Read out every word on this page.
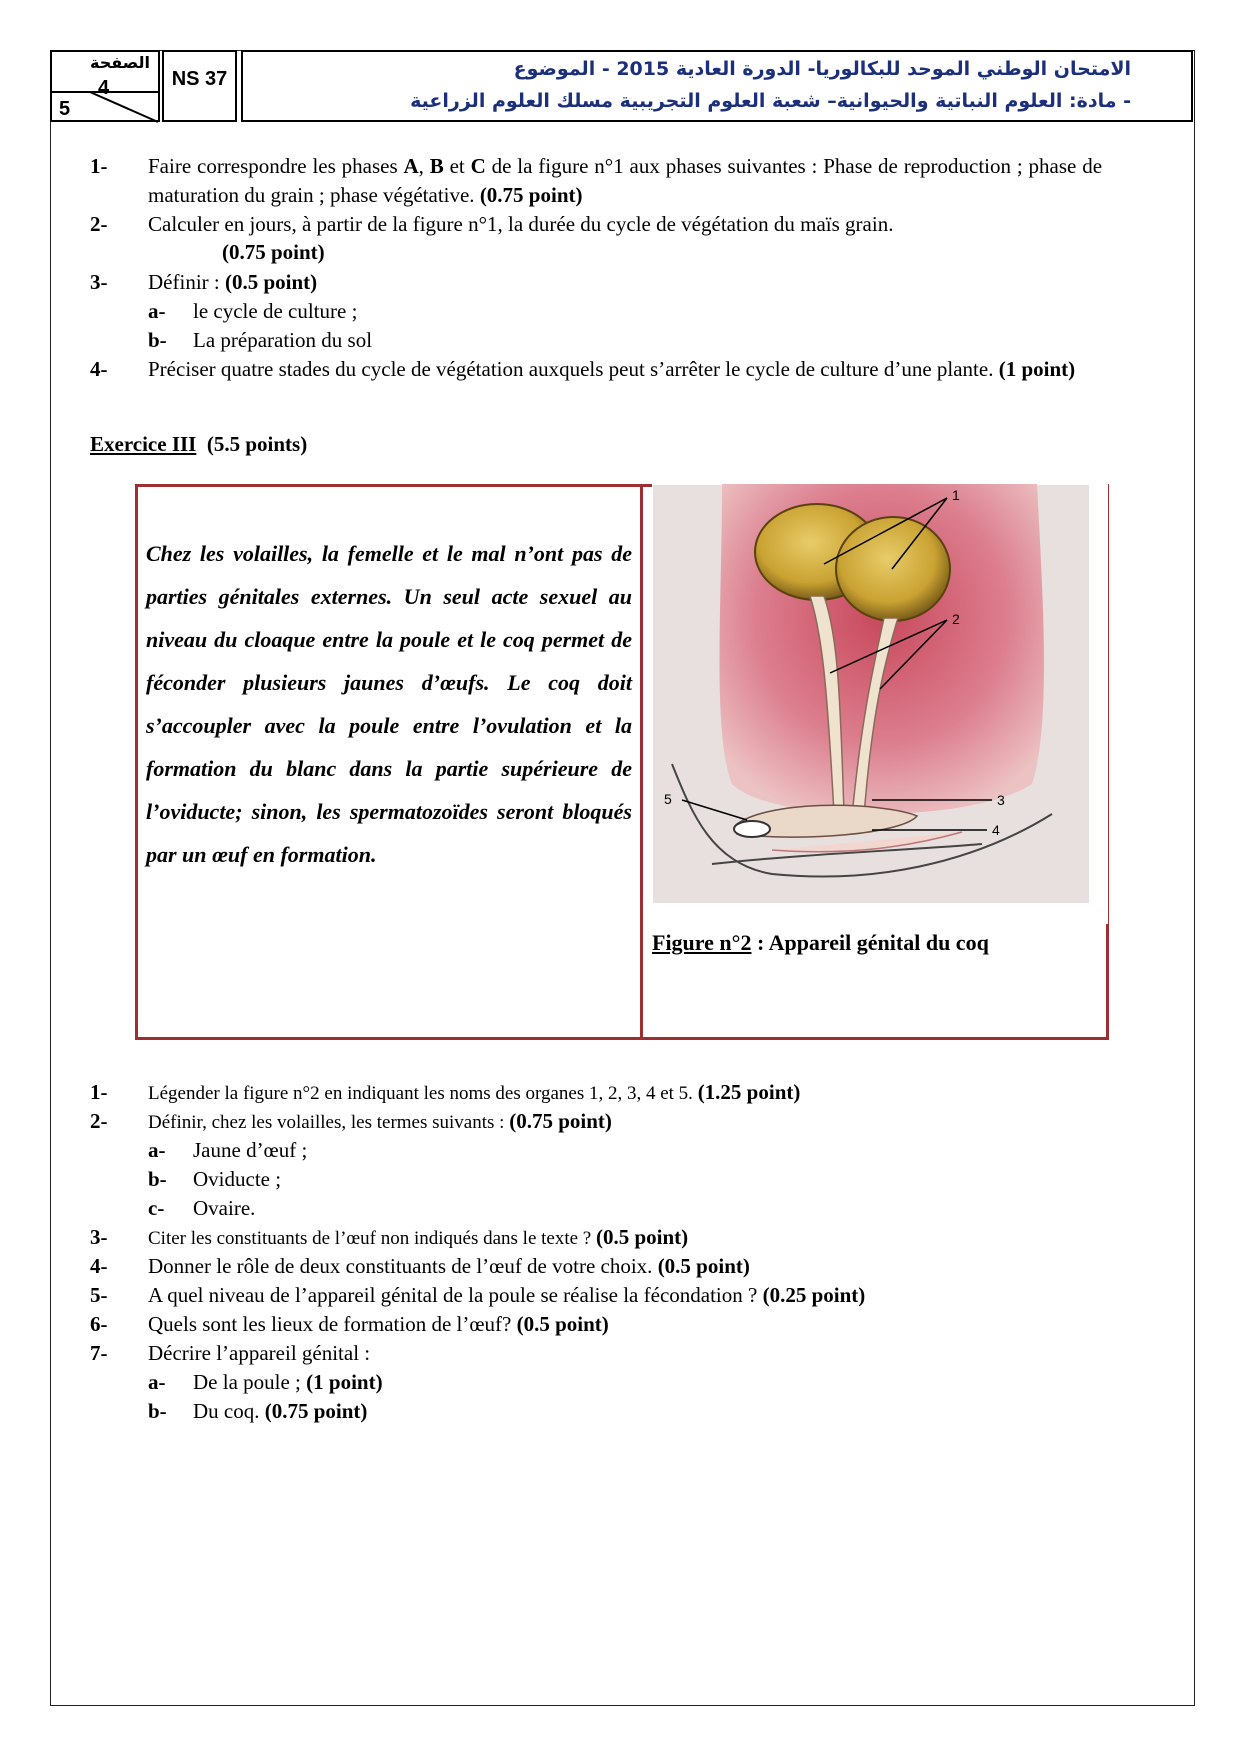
الصفحة
4
5
NS 37	الامتحان الوطني الموحد للبكالوريا- الدورة العادية 2015 - الموضوع
- مادة: العلوم النباتية والحيوانية– شعبة العلوم التجريبية مسلك العلوم الزراعية
1- Faire correspondre les phases A, B et C de la figure n°1 aux phases suivantes : Phase de reproduction ; phase de maturation du grain ; phase végétative. (0.75 point)
2- Calculer en jours, à partir de la figure n°1, la durée du cycle de végétation du maïs grain.
(0.75 point)
3- Définir : (0.5 point)
a- le cycle de culture ;
b- La préparation du sol
4- Préciser quatre stades du cycle de végétation auxquels peut s’arrêter le cycle de culture d’une plante. (1 point)
Exercice III (5.5 points)
Chez les volailles, la femelle et le mal n’ont pas de parties génitales externes. Un seul acte sexuel au niveau du cloaque entre la poule et le coq permet de féconder plusieurs jaunes d’œufs. Le coq doit s’accoupler avec la poule entre l’ovulation et la formation du blanc dans la partie supérieure de l’oviducte; sinon, les spermatozoïdes seront bloqués par un œuf en formation.
1
2
3
4
5
Figure n°2 : Appareil génital du coq
1- Légender la figure n°2 en indiquant les noms des organes 1, 2, 3, 4 et 5. (1.25 point)
2- Définir, chez les volailles, les termes suivants : (0.75 point)
a- Jaune d’œuf ;
b- Oviducte ;
c- Ovaire.
3- Citer les constituants de l’œuf non indiqués dans le texte ? (0.5 point)
4- Donner le rôle de deux constituants de l’œuf de votre choix. (0.5 point)
5- A quel niveau de l’appareil génital de la poule se réalise la fécondation ? (0.25 point)
6- Quels sont les lieux de formation de l’œuf? (0.5 point)
7- Décrire l’appareil génital :
a- De la poule ; (1 point)
b- Du coq. (0.75 point)
